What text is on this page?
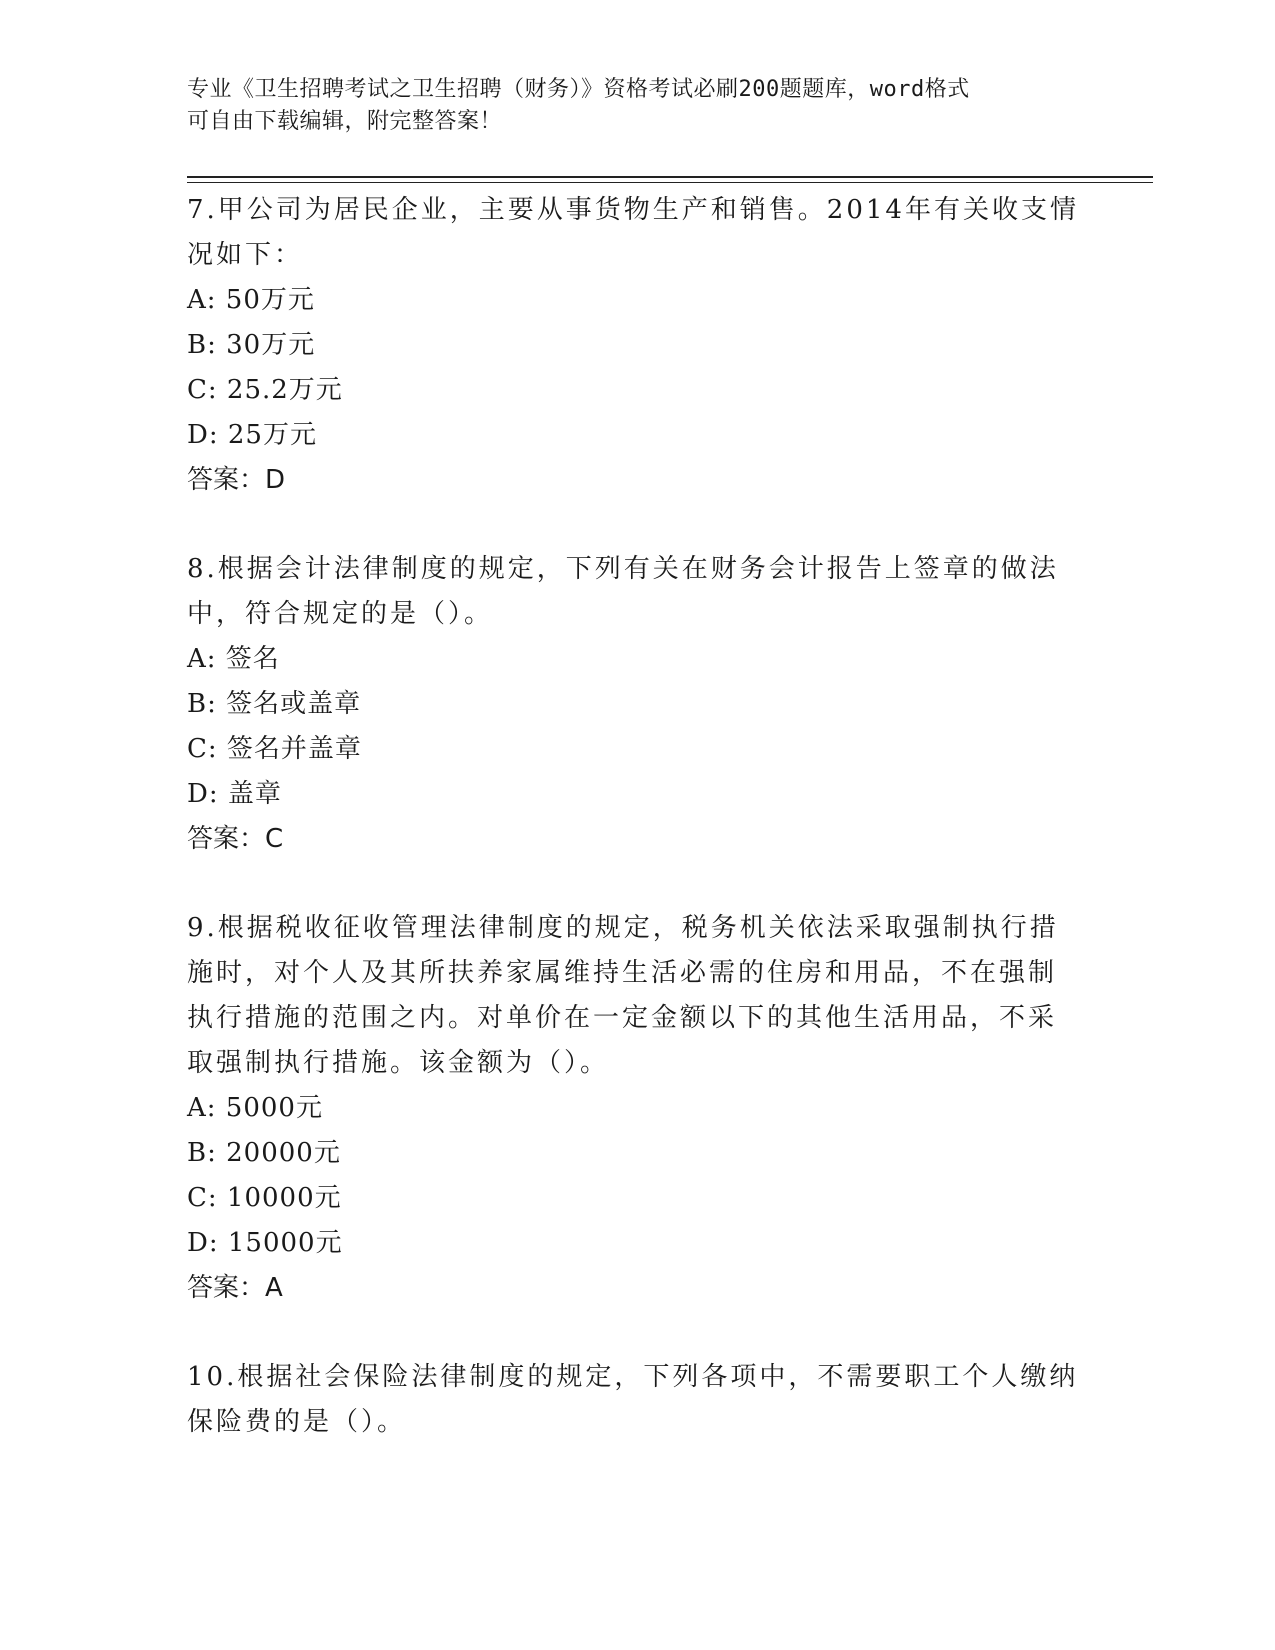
专业《卫生招聘考试之卫生招聘（财务）》资格考试必刷200题题库，word格式
可自由下载编辑，附完整答案！
7.甲公司为居民企业，主要从事货物生产和销售。2014年有关收支情
况如下：
A: 50万元
B: 30万元
C: 25.2万元
D: 25万元
答案：D
8.根据会计法律制度的规定，下列有关在财务会计报告上签章的做法
中，符合规定的是（）。
A: 签名
B: 签名或盖章
C: 签名并盖章
D: 盖章
答案：C
9.根据税收征收管理法律制度的规定，税务机关依法采取强制执行措
施时，对个人及其所扶养家属维持生活必需的住房和用品，不在强制
执行措施的范围之内。对单价在一定金额以下的其他生活用品，不采
取强制执行措施。该金额为（）。
A: 5000元
B: 20000元
C: 10000元
D: 15000元
答案：A
10.根据社会保险法律制度的规定，下列各项中，不需要职工个人缴纳
保险费的是（）。
